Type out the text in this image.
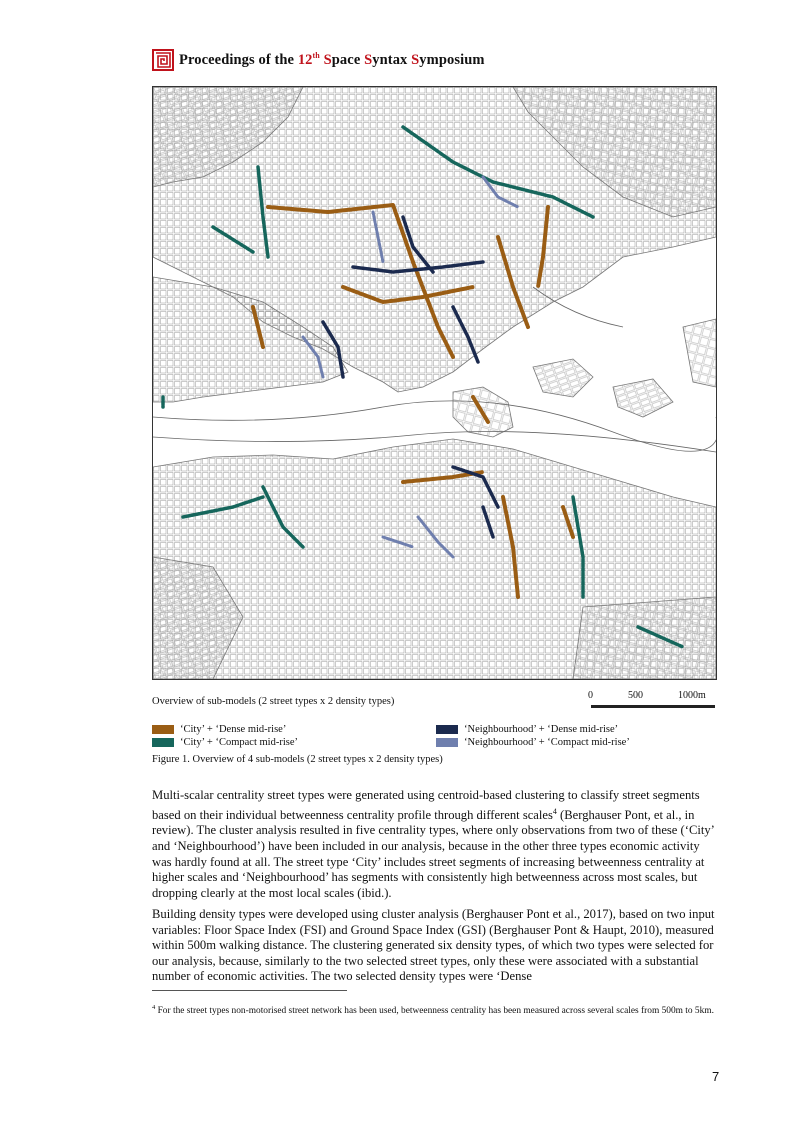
Proceedings of the 12th Space Syntax Symposium
Overview of sub-models (2 street types x 2 density types)
0	500	1000m
‘City’ + ‘Dense mid-rise’
‘City’ + ‘Compact mid-rise’
‘Neighbourhood’ + ‘Dense mid-rise’
‘Neighbourhood’ + ‘Compact mid-rise’
Figure 1. Overview of 4 sub-models (2 street types x 2 density types)
Multi-scalar centrality street types were generated using centroid-based clustering to classify street segments based on their individual betweenness centrality profile through different scales$^4$ (Berghauser Pont, et al., in review). The cluster analysis resulted in five centrality types, where only observations from two of these (‘City’ and ‘Neighbourhood’) have been included in our analysis, because in the other three types economic activity was hardly found at all. The street type ‘City’ includes street segments of increasing betweenness centrality at higher scales and ‘Neighbourhood’ has segments with consistently high betweenness across most scales, but dropping clearly at the most local scales (ibid.).
Building density types were developed using cluster analysis (Berghauser Pont et al., 2017), based on two input variables: Floor Space Index (FSI) and Ground Space Index (GSI) (Berghauser Pont & Haupt, 2010), measured within 500m walking distance. The clustering generated six density types, of which two types were selected for our analysis, because, similarly to the two selected street types, only these were associated with a substantial number of economic activities. The two selected density types were ‘Dense
$^4$ For the street types non-motorised street network has been used, betweenness centrality has been measured across several scales from 500m to 5km.
7
